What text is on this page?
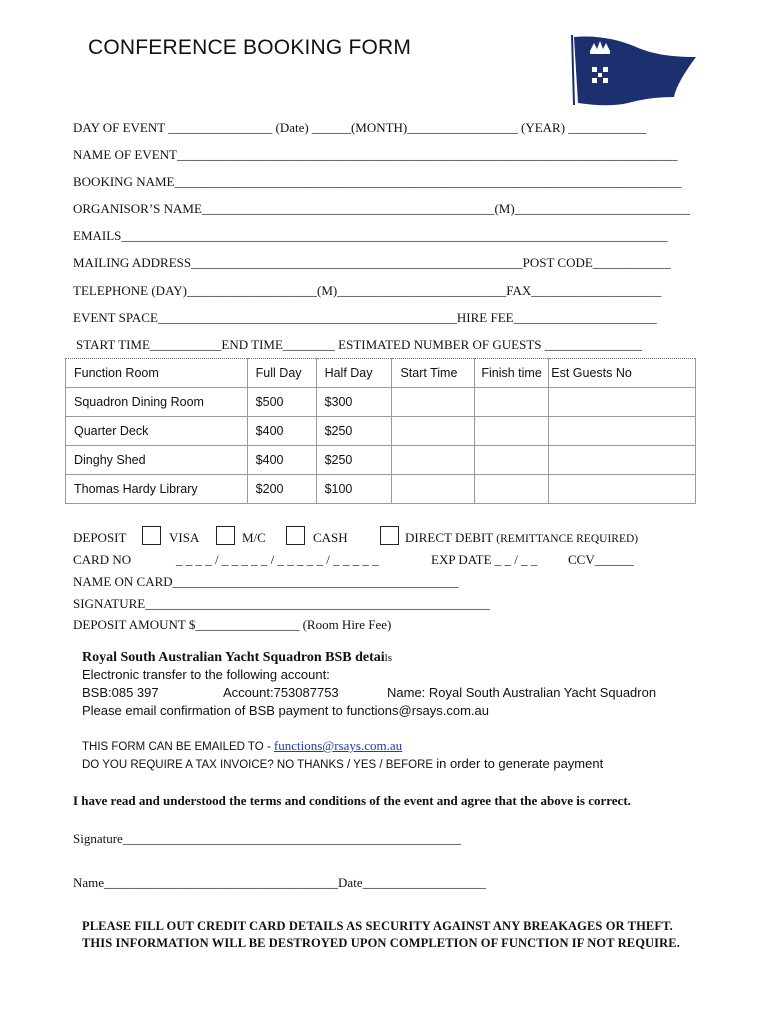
CONFERENCE BOOKING FORM
DAY OF EVENT ________________ (Date) ______(MONTH)_________________ (YEAR) ____________
NAME OF EVENT_____________________________________________________________________________
BOOKING NAME______________________________________________________________________________
ORGANISOR’S NAME_____________________________________________(M)___________________________
EMAILS____________________________________________________________________________________
MAILING ADDRESS___________________________________________________POST CODE____________
TELEPHONE (DAY)____________________(M)__________________________FAX____________________
EVENT SPACE______________________________________________HIRE FEE______________________
START TIME___________END TIME________ ESTIMATED NUMBER OF GUESTS _______________
Function Room	Full Day	Half Day	Start Time	Finish time	Est Guests No
Squadron Dining Room	$500	$300			
Quarter Deck	$400	$250			
Dinghy Shed	$400	$250			
Thomas Hardy Library	$200	$100			
DEPOSIT	VISA	M/C	CASH	DIRECT DEBIT (REMITTANCE REQUIRED)
CARD NO	_ _ _ _ / _ _ _ _ _ / _ _ _ _ _ / _ _ _ _ _	EXP DATE _ _ / _ _ CCV______
NAME ON CARD____________________________________________
SIGNATURE_____________________________________________________
DEPOSIT AMOUNT $________________ (Room Hire Fee)
Royal South Australian Yacht Squadron BSB details
Electronic transfer to the following account:
BSB:085 397	Account:753087753	Name: Royal South Australian Yacht Squadron
Please email confirmation of BSB payment to functions@rsays.com.au
THIS FORM CAN BE EMAILED TO - functions@rsays.com.au
DO YOU REQUIRE A TAX INVOICE? NO THANKS / YES / BEFORE in order to generate payment
I have read and understood the terms and conditions of the event and agree that the above is correct.
Signature____________________________________________________
Name____________________________________Date___________________
PLEASE FILL OUT CREDIT CARD DETAILS AS SECURITY AGAINST ANY BREAKAGES OR THEFT.
THIS INFORMATION WILL BE DESTROYED UPON COMPLETION OF FUNCTION IF NOT REQUIRE.
